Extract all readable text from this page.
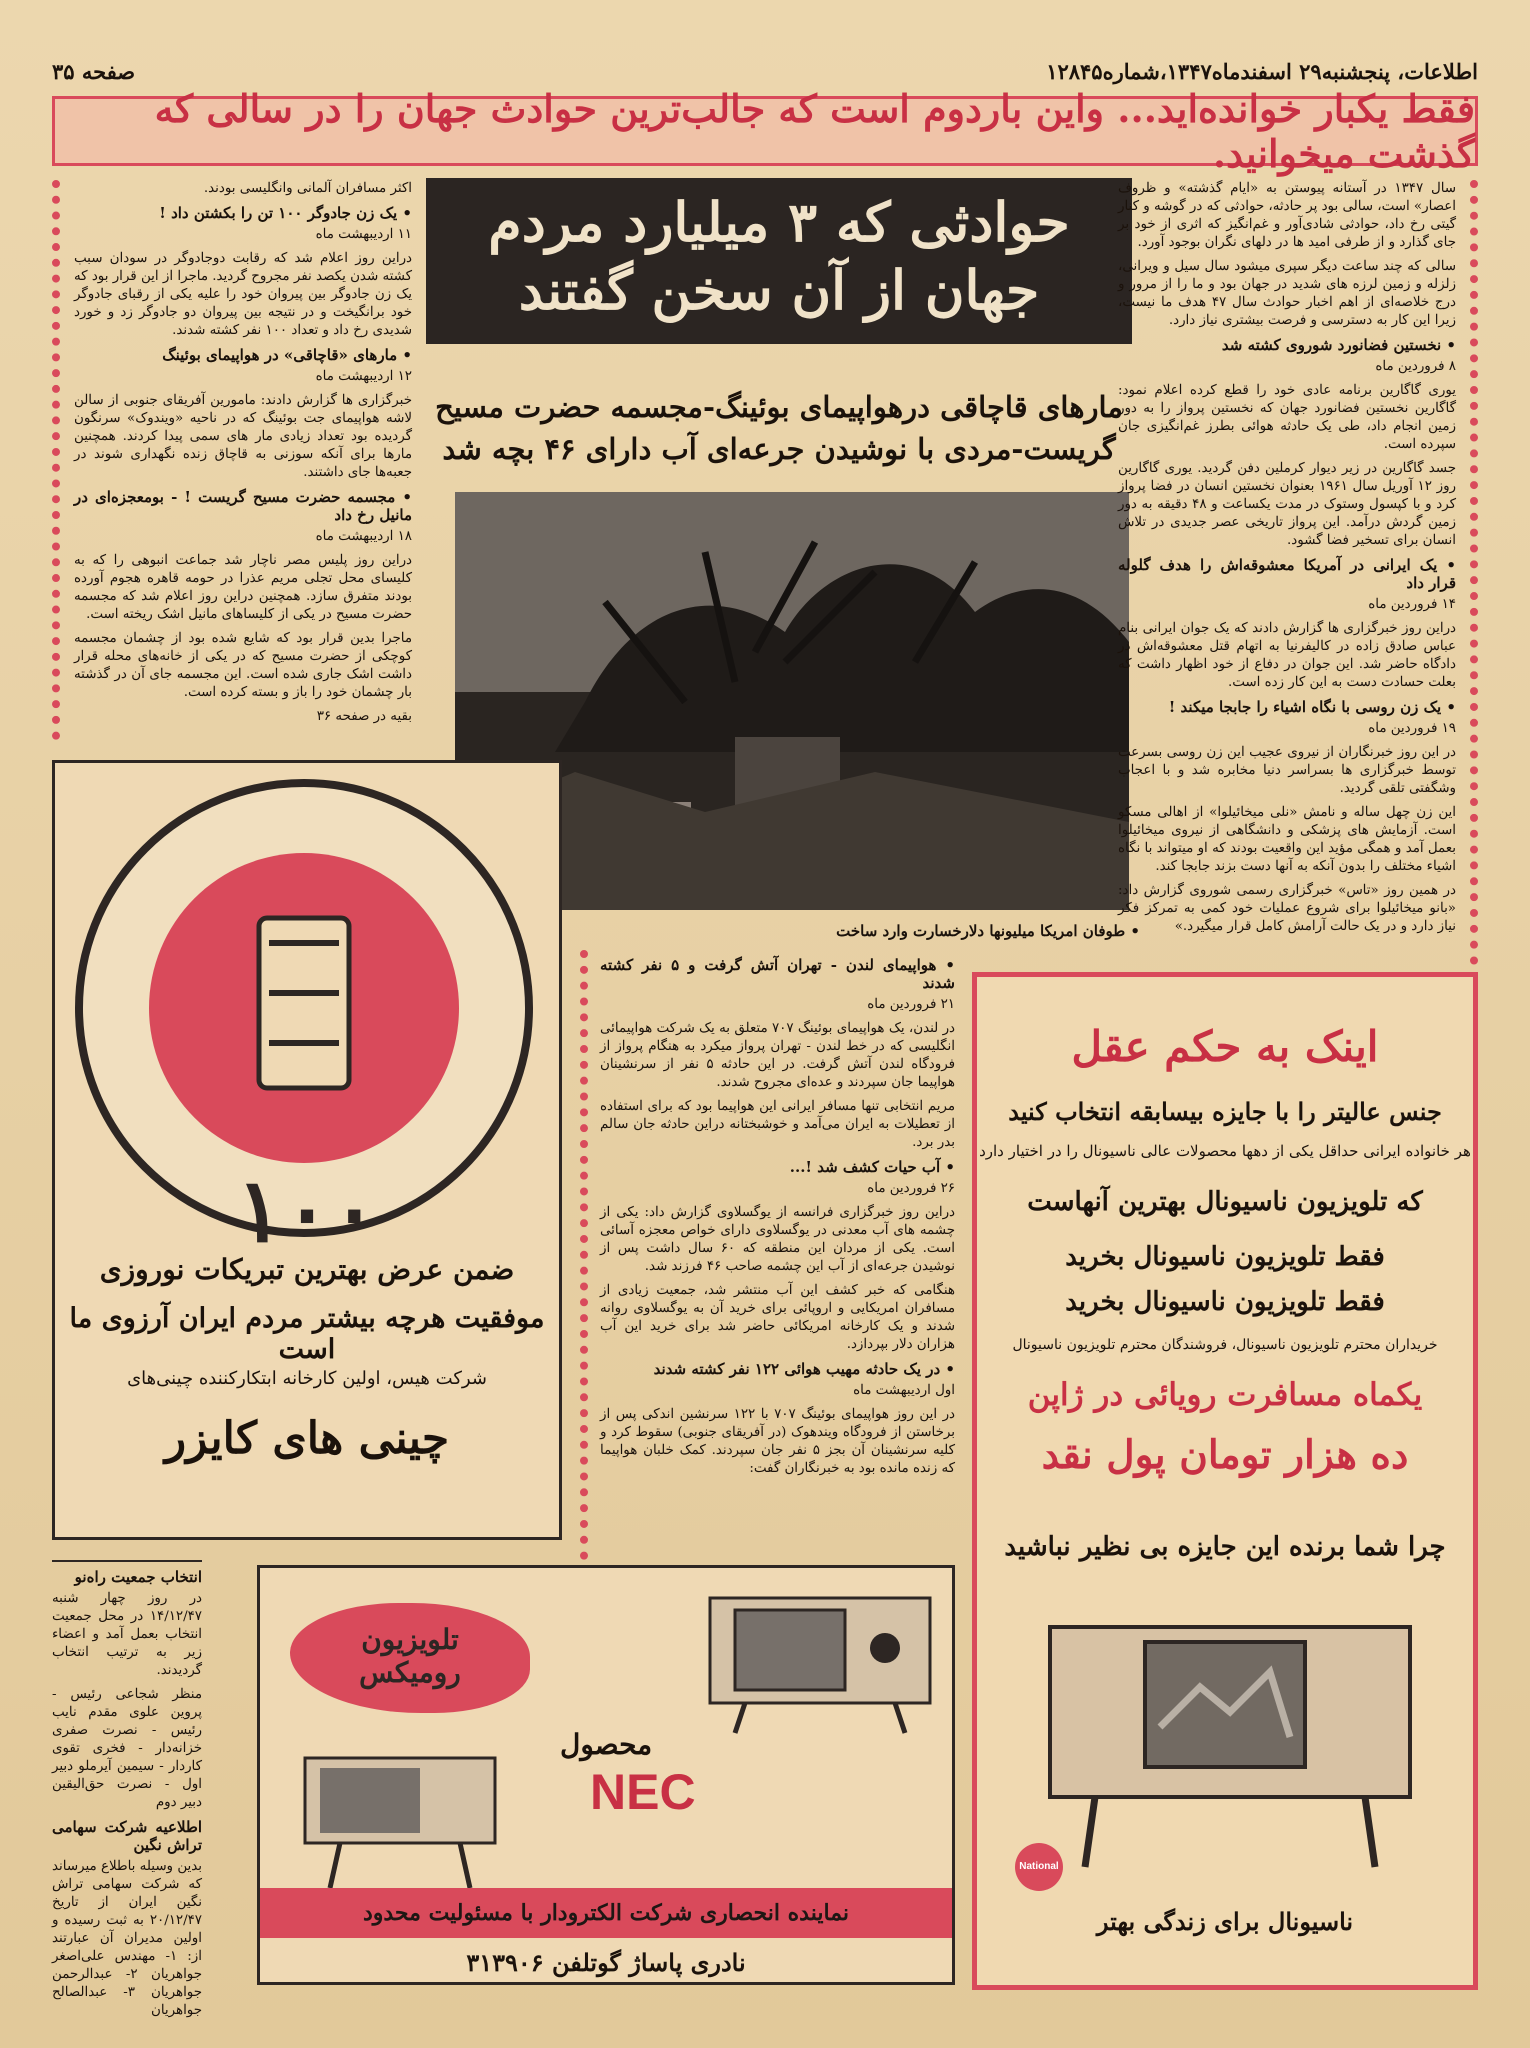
اطلاعات، پنجشنبه۲۹ اسفندماه۱۳۴۷،شماره۱۲۸۴۵
صفحه ۳۵
فقط یکبار خوانده‌اید... واین باردوم است که جالب‌ترین حوادث جهان را در سالی که گذشت میخوانید.
حوادثی که ۳ میلیارد مردم
جهان از آن سخن گفتند
مارهای قاچاقی درهواپیمای بوئینگ-مجسمه حضرت مسیح
گریست-مردی با نوشیدن جرعه‌ای آب دارای ۴۶ بچه شد
• طوفان امریکا میلیونها دلارخسارت وارد ساخت

سال ۱۳۴۷ در آستانه پیوستن به «ایام گذشته» و ظروف اعصار» است، سالی بود پر حادثه، حوادثی که در گوشه و کنار گیتی رخ داد، حوادثی شادی‌آور و غم‌انگیز که اثری از خود بر جای گذارد و از طرفی امید ها در دلهای نگران بوجود آورد.

سالی که چند ساعت دیگر سپری میشود سال سیل و ویرانی، زلزله و زمین لرزه های شدید در جهان بود و ما را از مرور و درج خلاصه‌ای از اهم اخبار حوادث سال ۴۷ هدف ما نیست، زیرا این کار به دسترسی و فرصت بیشتری نیاز دارد.

• نخستین فضانورد شوروی کشته شد

۸ فروردین ماه

یوری گاگارین برنامه عادی خود را قطع کرده اعلام نمود: گاگارین نخستین فضانورد جهان که نخستین پرواز را به دور زمین انجام داد، طی یک حادثه هوائی بطرز غم‌انگیزی جان سپرده است.

جسد گاگارین در زیر دیوار کرملین دفن گردید. یوری گاگارین روز ۱۲ آوریل سال ۱۹۶۱ بعنوان نخستین انسان در فضا پرواز کرد و با کپسول وستوک در مدت یکساعت و ۴۸ دقیقه به دور زمین گردش درآمد. این پرواز تاریخی عصر جدیدی در تلاش انسان برای تسخیر فضا گشود.

• یک ایرانی در آمریکا معشوقه‌اش را هدف گلوله قرار داد

۱۴ فروردین ماه

دراین روز خبرگزاری ها گزارش دادند که یک جوان ایرانی بنام عباس صادق زاده در کالیفرنیا به اتهام قتل معشوقه‌اش در دادگاه حاضر شد. این جوان در دفاع از خود اظهار داشت که بعلت حسادت دست به این کار زده است.

• یک زن روسی با نگاه اشیاء را جابجا میکند !

۱۹ فروردین ماه

در این روز خبرنگاران از نیروی عجیب این زن روسی بسرعت توسط خبرگزاری ها بسراسر دنیا مخابره شد و با اعجاب وشگفتی تلقی گردید.

این زن چهل ساله و نامش «نلی میخائیلوا» از اهالی مسکو است. آزمایش های پزشکی و دانشگاهی از نیروی میخائیلوا بعمل آمد و همگی مؤید این واقعیت بودند که او میتواند با نگاه اشیاء مختلف را بدون آنکه به آنها دست بزند جابجا کند.

در همین روز «تاس» خبرگزاری رسمی شوروی گزارش داد: «بانو میخائیلوا برای شروع عملیات خود کمی به تمرکز فکر نیاز دارد و در یک حالت آرامش کامل قرار میگیرد.»

اکثر مسافران آلمانی وانگلیسی بودند.

• یک زن جادوگر ۱۰۰ تن را بکشتن داد !

۱۱ اردیبهشت ماه

دراین روز اعلام شد که رقابت دوجادوگر در سودان سبب کشته شدن یکصد نفر مجروح گردید. ماجرا از این قرار بود که یک زن جادوگر بین پیروان خود را علیه یکی از رقبای جادوگر خود برانگیخت و در نتیجه بین پیروان دو جادوگر زد و خورد شدیدی رخ داد و تعداد ۱۰۰ نفر کشته شدند.

• مارهای «قاچاقی» در هواپیمای بوئینگ

۱۲ اردیبهشت ماه

خبرگزاری ها گزارش دادند: مامورین آفریقای جنوبی از سالن لاشه هواپیمای جت بوئینگ که در ناحیه «ویندوک» سرنگون گردیده بود تعداد زیادی مار های سمی پیدا کردند. همچنین مارها برای آنکه سوزنی به قاچاق زنده نگهداری شوند در جعبه‌ها جای داشتند.

• مجسمه حضرت مسیح گریست ! - بومعجزه‌ای در مانیل رخ داد

۱۸ اردیبهشت ماه

دراین روز پلیس مصر ناچار شد جماعت انبوهی را که به کلیسای محل تجلی مریم عذرا در حومه قاهره هجوم آورده بودند متفرق سازد. همچنین دراین روز اعلام شد که مجسمه حضرت مسیح در یکی از کلیساهای مانیل اشک ریخته است.

ماجرا بدین قرار بود که شایع شده بود از چشمان مجسمه کوچکی از حضرت مسیح که در یکی از خانه‌های محله قرار داشت اشک جاری شده است. این مجسمه جای آن در گذشته بار چشمان خود را باز و بسته کرده است.

بقیه در صفحه ۳۶

• هواپیمای لندن - تهران آتش گرفت و ۵ نفر کشته شدند

۲۱ فروردین ماه

در لندن، یک هواپیمای بوئینگ ۷۰۷ متعلق به یک شرکت هواپیمائی انگلیسی که در خط لندن - تهران پرواز میکرد به هنگام پرواز از فرودگاه لندن آتش گرفت. در این حادثه ۵ نفر از سرنشینان هواپیما جان سپردند و عده‌ای مجروح شدند.

مریم انتخابی تنها مسافر ایرانی این هواپیما بود که برای استفاده از تعطیلات به ایران می‌آمد و خوشبختانه دراین حادثه جان سالم بدر برد.

• آب حیات کشف شد !...

۲۶ فروردین ماه

دراین روز خبرگزاری فرانسه از یوگسلاوی گزارش داد: یکی از چشمه های آب معدنی در یوگسلاوی دارای خواص معجزه آسائی است. یکی از مردان این منطقه که ۶۰ سال داشت پس از نوشیدن جرعه‌ای از آب این چشمه صاحب ۴۶ فرزند شد.

هنگامی که خبر کشف این آب منتشر شد، جمعیت زیادی از مسافران امریکایی و اروپائی برای خرید آن به یوگسلاوی روانه شدند و یک کارخانه امریکائی حاضر شد برای خرید این آب هزاران دلار بپردازد.

• در یک حادثه مهیب هوائی ۱۲۲ نفر کشته شدند

اول اردیبهشت ماه

در این روز هواپیمای بوئینگ ۷۰۷ با ۱۲۲ سرنشین اندکی پس از برخاستن از فرودگاه ویندهوک (در آفریقای جنوبی) سقوط کرد و کلیه سرنشینان آن بجز ۵ نفر جان سپردند. کمک خلبان هواپیما که زنده مانده بود به خبرنگاران گفت:

۱۰۰
ضمن عرض بهترین تبریکات نوروزی
موفقیت هرچه بیشتر مردم ایران آرزوی ما است
شرکت هیس، اولین کارخانه ابتکارکننده چینی‌های
چینی های کایزر
انتخاب جمعیت راه‌نو

در روز چهار شنبه ۱۴/۱۲/۴۷ در محل جمعیت انتخاب بعمل آمد و اعضاء زیر به ترتیب انتخاب گردیدند.

منظر شجاعی رئیس - پروین علوی مقدم نایب رئیس - نصرت صفری خزانه‌دار - فخری تقوی کاردار - سیمین آیرملو دبیر اول - نصرت حق‌الیقین دبیر دوم

اطلاعیه شرکت سهامی تراش نگین

بدین وسیله باطلاع میرساند که شرکت سهامی تراش نگین ایران از تاریخ ۲۰/۱۲/۴۷ به ثبت رسیده و اولین مدیران آن عبارتند از: ۱- مهندس علی‌اصغر جواهریان ۲- عبدالرحمن جواهریان ۳- عبدالصالح جواهریان

تلویزیون رومیکس
محصول
NEC
نماینده انحصاری شرکت الکترودار با مسئولیت محدود
نادری پاساژ گوتلفن ۳۱۳۹۰۶
اینک به حکم عقل
جنس عالیتر را با جایزه بیسابقه انتخاب کنید
هر خانواده ایرانی حداقل یکی از دهها محصولات عالی ناسیونال را در اختیار دارد
که تلویزیون ناسیونال بهترین آنهاست
فقط تلویزیون ناسیونال بخرید
فقط تلویزیون ناسیونال بخرید
خریداران محترم تلویزیون ناسیونال، فروشندگان محترم تلویزیون ناسیونال
یکماه مسافرت رویائی در ژاپن
ده هزار تومان پول نقد
چرا شما برنده این جایزه بی نظیر نباشید
National
ناسیونال برای زندگی بهتر
